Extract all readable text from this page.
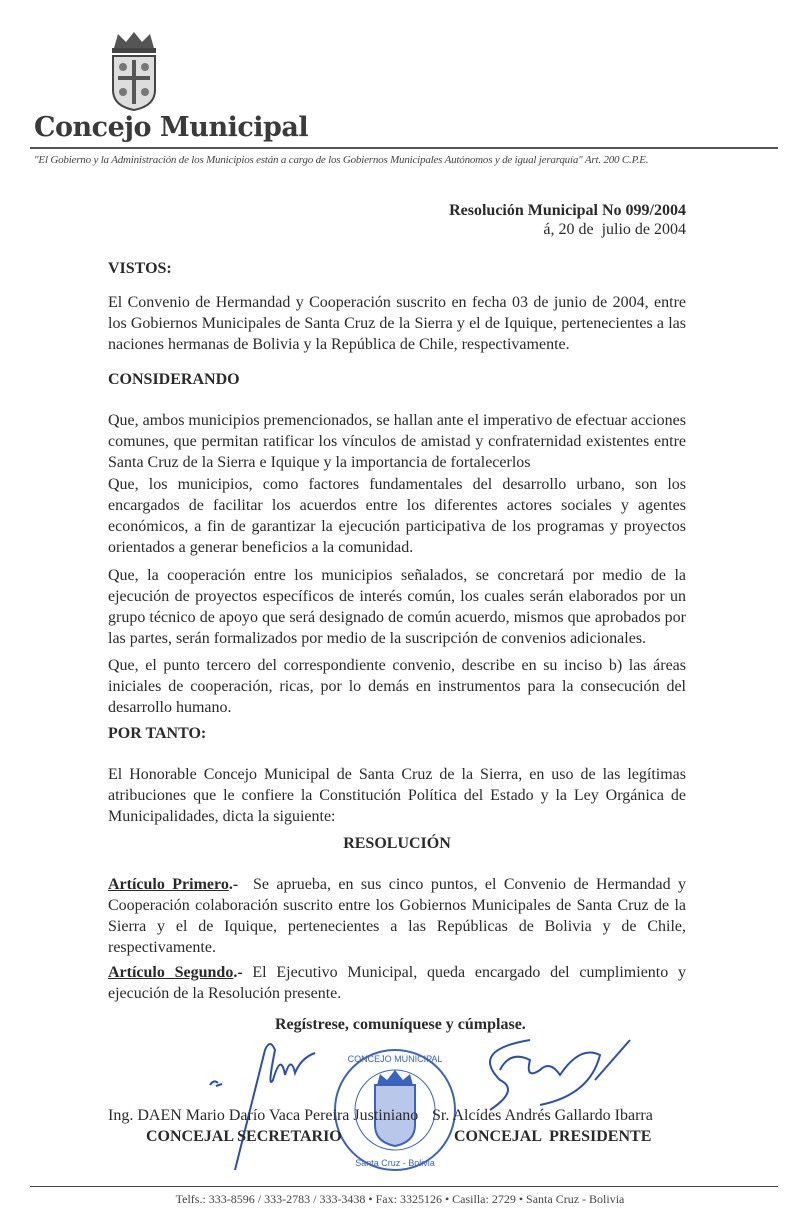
Concejo Municipal
"El Gobierno y la Administración de los Municipios están a cargo de los Gobiernos Municipales Autónomos y de igual jerarquía" Art. 200 C.P.E.
Resolución Municipal No 099/2004
á, 20 de  julio de 2004
VISTOS:
El Convenio de Hermandad y Cooperación suscrito en fecha 03 de junio de 2004, entre los Gobiernos Municipales de Santa Cruz de la Sierra y el de Iquique, pertenecientes a las naciones hermanas de Bolivia y la República de Chile, respectivamente.
CONSIDERANDO
Que, ambos municipios premencionados, se hallan ante el imperativo de efectuar acciones comunes, que permitan ratificar los vínculos de amistad y confraternidad existentes entre Santa Cruz de la Sierra e Iquique y la importancia de fortalecerlos
Que, los municipios, como factores fundamentales del desarrollo urbano, son los encargados de facilitar los acuerdos entre los diferentes actores sociales y agentes económicos, a fin de garantizar la ejecución participativa de los programas y proyectos orientados a generar beneficios a la comunidad.
Que, la cooperación entre los municipios señalados, se concretará por medio de la ejecución de proyectos específicos de interés común, los cuales serán elaborados por un grupo técnico de apoyo que será designado de común acuerdo, mismos que aprobados por las partes, serán formalizados por medio de la suscripción de convenios adicionales.
Que, el punto tercero del correspondiente convenio, describe en su inciso b) las áreas iniciales de cooperación, ricas, por lo demás en instrumentos para la consecución del desarrollo humano.
POR TANTO:
El Honorable Concejo Municipal de Santa Cruz de la Sierra, en uso de las legítimas atribuciones que le confiere la Constitución Política del Estado y la Ley Orgánica de Municipalidades, dicta la siguiente:
RESOLUCIÓN
Artículo Primero.-  Se aprueba, en sus cinco puntos, el Convenio de Hermandad y Cooperación colaboración suscrito entre los Gobiernos Municipales de Santa Cruz de la Sierra y el de Iquique, pertenecientes a las Repúblicas de Bolivia y de Chile, respectivamente.
Artículo Segundo.- El Ejecutivo Municipal, queda encargado del cumplimiento y ejecución de la Resolución presente.
Regístrese, comuníquese y cúmplase.
CONCEJO MUNICIPAL
Santa Cruz - Bolivia
Ing. DAEN Mario Darío Vaca Pereira Justiniano
CONCEJAL SECRETARIO
Sr. Alcídes Andrés Gallardo Ibarra
CONCEJAL  PRESIDENTE
Telfs.: 333-8596 / 333-2783 / 333-3438 • Fax: 3325126 • Casilla: 2729 • Santa Cruz - Bolivia
